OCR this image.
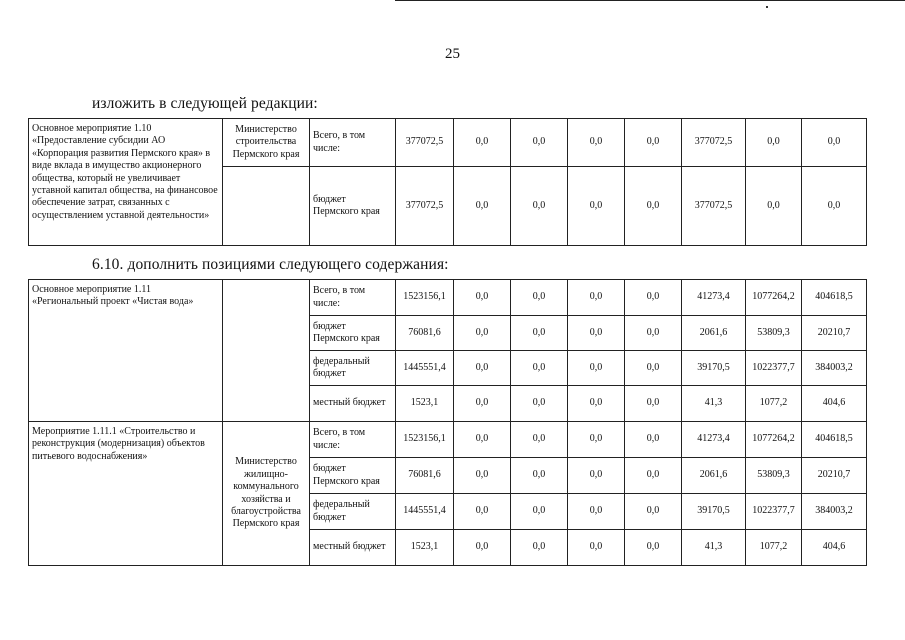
25
изложить в следующей редакции:
Основное мероприятие 1.10 «Предоставление субсидии АО «Корпорация развития Пермского края» в виде вклада в имущество акционерного общества, который не увеличивает уставной капитал общества, на финансовое обеспечение затрат, связанных с осуществлением уставной деятельности»	Министерство строительства Пермского края	Всего, в том числе:	377072,5	0,0	0,0	0,0	0,0	377072,5	0,0	0,0
		бюджет Пермского края	377072,5	0,0	0,0	0,0	0,0	377072,5	0,0	0,0
6.10. дополнить позициями следующего содержания:
Основное мероприятие 1.11 «Региональный проект «Чистая вода»		Всего, в том числе:	1523156,1	0,0	0,0	0,0	0,0	41273,4	1077264,2	404618,5
		бюджет Пермского края	76081,6	0,0	0,0	0,0	0,0	2061,6	53809,3	20210,7
		федеральный бюджет	1445551,4	0,0	0,0	0,0	0,0	39170,5	1022377,7	384003,2
		местный бюджет	1523,1	0,0	0,0	0,0	0,0	41,3	1077,2	404,6
Мероприятие 1.11.1 «Строительство и реконструкция (модернизация) объектов питьевого водоснабжения»	Министерство жилищно-коммунального хозяйства и благоустройства Пермского края	Всего, в том числе:	1523156,1	0,0	0,0	0,0	0,0	41273,4	1077264,2	404618,5
		бюджет Пермского края	76081,6	0,0	0,0	0,0	0,0	2061,6	53809,3	20210,7
		федеральный бюджет	1445551,4	0,0	0,0	0,0	0,0	39170,5	1022377,7	384003,2
		местный бюджет	1523,1	0,0	0,0	0,0	0,0	41,3	1077,2	404,6
